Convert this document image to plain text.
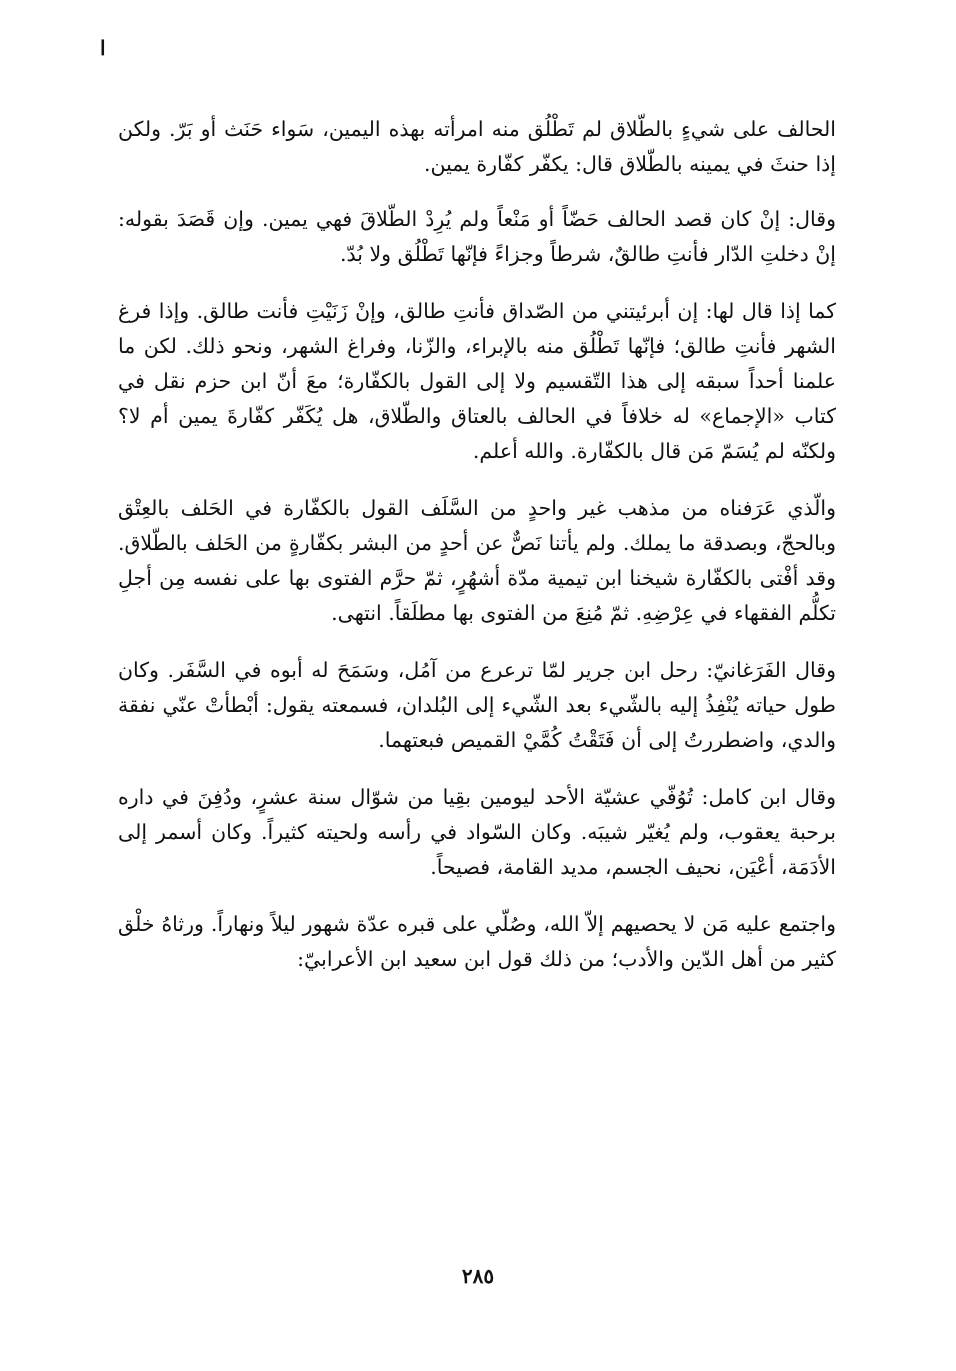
ا

الحالف على شيءٍ بالطّلاق لم تَطْلُق منه امرأته بهذه اليمين، سَواء حَنَث أو بَرّ. ولكن إذا حنثَ في يمينه بالطّلاق قال: يكفّر كفّارة يمين.

وقال: إنْ كان قصد الحالف حَضّاً أو مَنْعاً ولم يُرِدْ الطّلاقَ فهي يمين. وإن قَصَدَ بقوله: إنْ دخلتِ الدّار فأنتِ طالقٌ، شرطاً وجزاءً فإنّها تَطْلُق ولا بُدّ.

كما إذا قال لها: إن أبرئيتني من الصّداق فأنتِ طالق، وإنْ زَنَيْتِ فأنت طالق. وإذا فرغ الشهر فأنتِ طالق؛ فإنّها تَطْلُق منه بالإبراء، والزّنا، وفراغ الشهر، ونحو ذلك. لكن ما علمنا أحداً سبقه إلى هذا التّقسيم ولا إلى القول بالكفّارة؛ معَ أنّ ابن حزم نقل في كتاب «الإجماع» له خلافاً في الحالف بالعتاق والطّلاق، هل يُكَفّر كفّارةَ يمين أم لا؟ ولكنّه لم يُسَمّ مَن قال بالكفّارة. والله أعلم.

والّذي عَرَفناه من مذهب غير واحدٍ من السَّلَف القول بالكفّارة في الحَلف بالعِتْق وبالحجّ، وبصدقة ما يملك. ولم يأتنا نَصٌّ عن أحدٍ من البشر بكفّارةٍ من الحَلف بالطّلاق. وقد أفْتى بالكفّارة شيخنا ابن تيمية مدّة أشهُرٍ، ثمّ حرَّم الفتوى بها على نفسه مِن أجلِ تكلُّم الفقهاء في عِرْضِهِ. ثمّ مُنِعَ من الفتوى بها مطلَقاً. انتهى.

وقال الفَرَغانيّ: رحل ابن جرير لمّا ترعرع من آمُل، وسَمَحَ له أبوه في السَّفَر. وكان طول حياته يُنْفِذُ إليه بالشّيء بعد الشّيء إلى البُلدان، فسمعته يقول: أبْطأتْ عنّي نفقة والدي، واضطررتُ إلى أن فَتَقْتُ كُمَّيْ القميص فبعتهما.

وقال ابن كامل: تُوُفّي عشيّة الأحد ليومين بقِيا من شوّال سنة عشرٍ، ودُفِنَ في داره برحبة يعقوب، ولم يُغيّر شيبَه. وكان السّواد في رأسه ولحيته كثيراً. وكان أسمر إلى الأدَمَة، أعْيَن، نحيف الجسم، مديد القامة، فصيحاً.

واجتمع عليه مَن لا يحصيهم إلاّ الله، وصُلّي على قبره عدّة شهور ليلاً ونهاراً. ورثاهُ خلْق كثير من أهل الدّين والأدب؛ من ذلك قول ابن سعيد ابن الأعرابيّ:

٢٨٥
